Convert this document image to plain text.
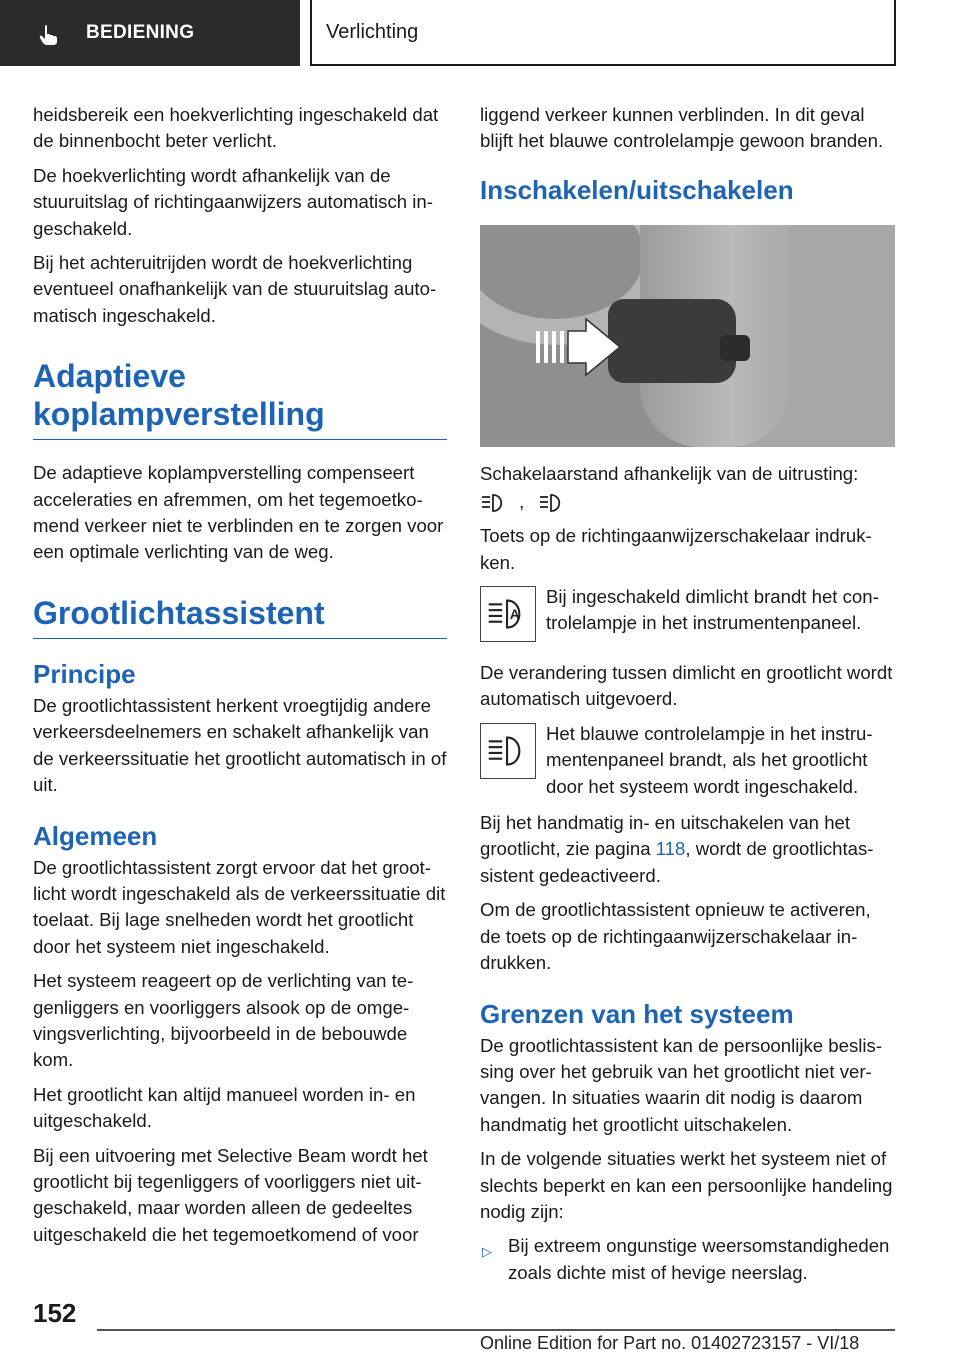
BEDIENING	Verlichting

heidsbereik een hoekverlichting ingeschakeld dat de binnenbocht beter verlicht.

De hoekverlichting wordt afhankelijk van de stuuruitslag of richtingaanwijzers automatisch ingeschakeld.

Bij het achteruitrijden wordt de hoekverlichting eventueel onafhankelijk van de stuuruitslag automatisch ingeschakeld.

Adaptieve koplampverstelling

De adaptieve koplampverstelling compenseert acceleraties en afremmen, om het tegemoetkomend verkeer niet te verblinden en te zorgen voor een optimale verlichting van de weg.

Grootlichtassistent
Principe

De grootlichtassistent herkent vroegtijdig andere verkeersdeelnemers en schakelt afhankelijk van de verkeerssituatie het grootlicht automatisch in of uit.

Algemeen

De grootlichtassistent zorgt ervoor dat het grootlicht wordt ingeschakeld als de verkeerssituatie dit toelaat. Bij lage snelheden wordt het grootlicht door het systeem niet ingeschakeld.

Het systeem reageert op de verlichting van tegenliggers en voorliggers alsook op de omgevingsverlichting, bijvoorbeeld in de bebouwde kom.

Het grootlicht kan altijd manueel worden in- en uitgeschakeld.

Bij een uitvoering met Selective Beam wordt het grootlicht bij tegenliggers of voorliggers niet uitgeschakeld, maar worden alleen de gedeeltes uitgeschakeld die het tegemoetkomend of voor

liggend verkeer kunnen verblinden. In dit geval blijft het blauwe controlelampje gewoon branden.

Inschakelen/uitschakelen

Schakelaarstand afhankelijk van de uitrusting:

,

Toets op de richtingaanwijzerschakelaar indrukken.

A

Bij ingeschakeld dimlicht brandt het controlelampje in het instrumentenpaneel.

De verandering tussen dimlicht en grootlicht wordt automatisch uitgevoerd.

Het blauwe controlelampje in het instrumentenpaneel brandt, als het grootlicht door het systeem wordt ingeschakeld.

Bij het handmatig in- en uitschakelen van het grootlicht, zie pagina 118, wordt de grootlichtassistent gedeactiveerd.

Om de grootlichtassistent opnieuw te activeren, de toets op de richtingaanwijzerschakelaar indrukken.

Grenzen van het systeem

De grootlichtassistent kan de persoonlijke beslissing over het gebruik van het grootlicht niet vervangen. In situaties waarin dit nodig is daarom handmatig het grootlicht uitschakelen.

In de volgende situaties werkt het systeem niet of slechts beperkt en kan een persoonlijke handeling nodig zijn:

▷ Bij extreem ongunstige weersomstandigheden zoals dichte mist of hevige neerslag.

152
Online Edition for Part no. 01402723157 - VI/18
